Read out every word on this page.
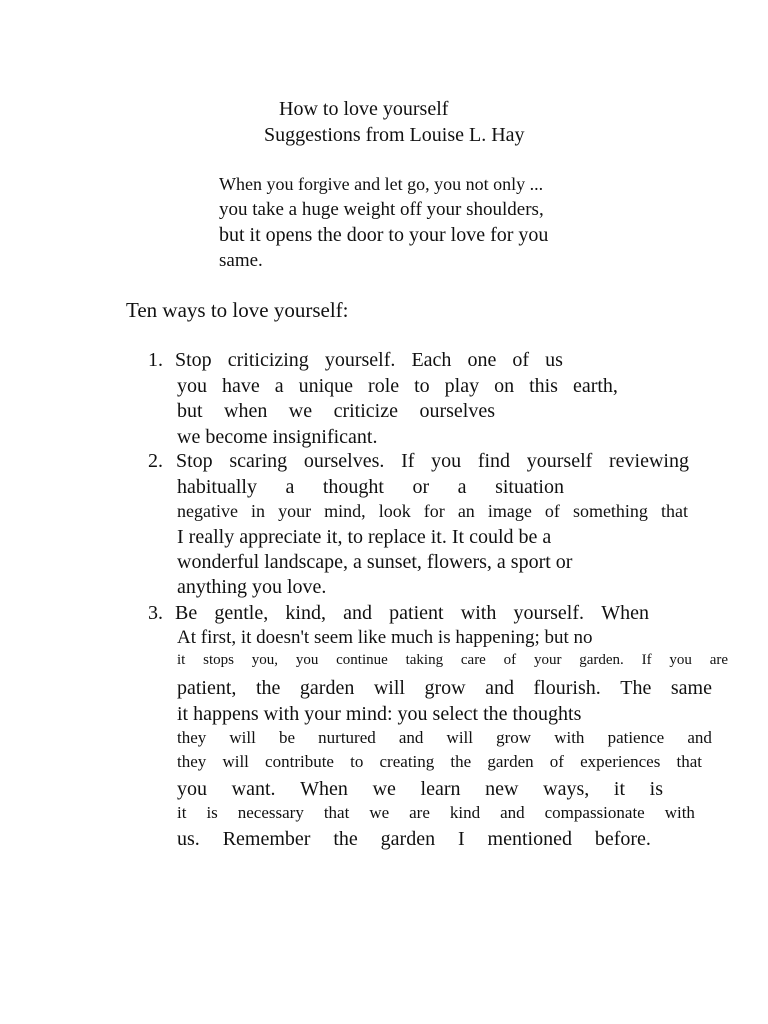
How to love yourself
Suggestions from Louise L. Hay
When you forgive and let go, you not only ...
you take a huge weight off your shoulders,
but it opens the door to your love for you
same.
Ten ways to love yourself:
1. Stop criticizing yourself. Each one of us
you have a unique role to play on this earth,
but when we criticize ourselves
we become insignificant.
2. Stop scaring ourselves. If you find yourself reviewing
habitually a thought or a situation
negative in your mind, look for an image of something that
I really appreciate it, to replace it. It could be a
wonderful landscape, a sunset, flowers, a sport or
anything you love.
3. Be gentle, kind, and patient with yourself. When
At first, it doesn't seem like much is happening; but no
it stops you, you continue taking care of your garden. If you are
patient, the garden will grow and flourish. The same
it happens with your mind: you select the thoughts
they will be nurtured and will grow with patience and
they will contribute to creating the garden of experiences that
you want. When we learn new ways, it is
it is necessary that we are kind and compassionate with
us. Remember the garden I mentioned before.
